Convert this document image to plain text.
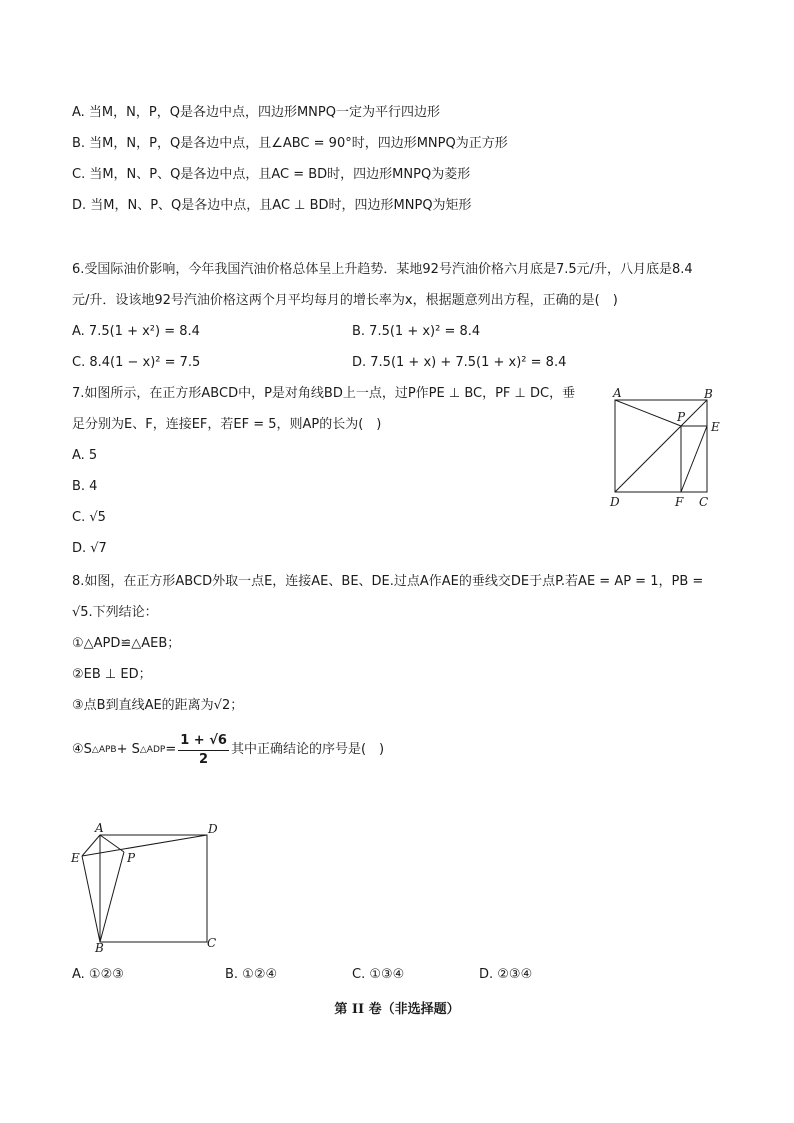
A. 当M，N，P，Q是各边中点，四边形MNPQ一定为平行四边形
B. 当M，N，P，Q是各边中点，且∠ABC = 90°时，四边形MNPQ为正方形
C. 当M，N、P、Q是各边中点，且AC = BD时，四边形MNPQ为菱形
D. 当M，N、P、Q是各边中点，且AC ⊥ BD时，四边形MNPQ为矩形
6.受国际油价影响，今年我国汽油价格总体呈上升趋势．某地92号汽油价格六月底是7.5元/升，八月底是8.4
元/升．设该地92号汽油价格这两个月平均每月的增长率为x，根据题意列出方程，正确的是(　)
A. 7.5(1 + x²) = 8.4	B. 7.5(1 + x)² = 8.4
C. 8.4(1 − x)² = 7.5	D. 7.5(1 + x) + 7.5(1 + x)² = 8.4
7.如图所示，在正方形ABCD中，P是对角线BD上一点，过P作PE ⊥ BC，PF ⊥ DC，垂
足分别为E、F，连接EF，若EF = 5，则AP的长为(　)
A. 5
B. 4
C. √5
D. √7
A	B
P
E
D	F C
8.如图，在正方形ABCD外取一点E，连接AE、BE、DE.过点A作AE的垂线交DE于点P.若AE = AP = 1，PB =
√5.下列结论：
①△APD≌△AEB；
②EB ⊥ ED；
③点B到直线AE的距离为√2；
④S △APB + S △ADP = $\frac{1 + √6}{2}$ 其中正确结论的序号是(　)
A	D
E	P
B	C
A. ①②③	B. ①②④	C. ①③④	D. ②③④
第 II 卷（非选择题）
